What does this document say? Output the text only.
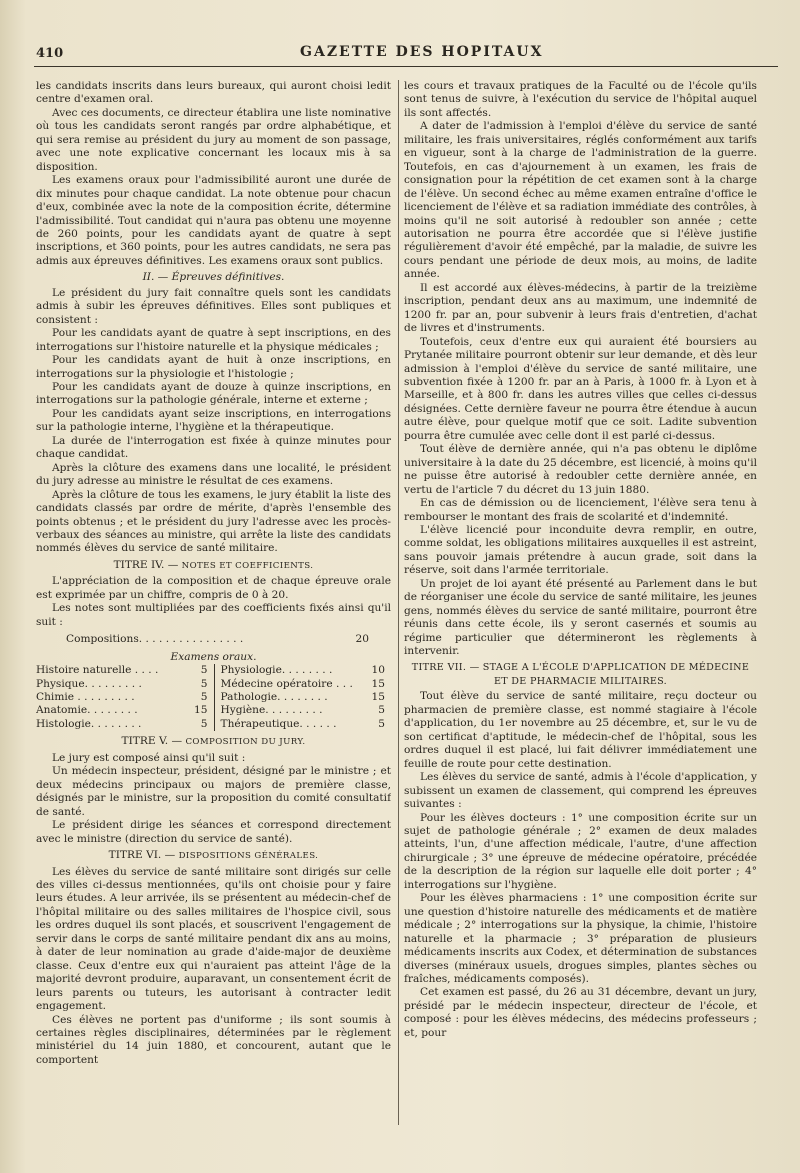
410	GAZETTE DES HOPITAUX

les candidats inscrits dans leurs bureaux, qui auront choisi ledit centre d'examen oral.

Avec ces documents, ce directeur établira une liste nominative où tous les candidats seront rangés par ordre alphabétique, et qui sera remise au président du jury au moment de son passage, avec une note explicative concernant les locaux mis à sa disposition.

Les examens oraux pour l'admissibilité auront une durée de dix minutes pour chaque candidat. La note obtenue pour chacun d'eux, combinée avec la note de la composition écrite, détermine l'admissibilité. Tout candidat qui n'aura pas obtenu une moyenne de 260 points, pour les candidats ayant de quatre à sept inscriptions, et 360 points, pour les autres candidats, ne sera pas admis aux épreuves définitives. Les examens oraux sont publics.

II. — Épreuves définitives.

Le président du jury fait connaître quels sont les candidats admis à subir les épreuves définitives. Elles sont publiques et consistent :

Pour les candidats ayant de quatre à sept inscriptions, en des interrogations sur l'histoire naturelle et la physique médicales ;

Pour les candidats ayant de huit à onze inscriptions, en interrogations sur la physiologie et l'histologie ;

Pour les candidats ayant de douze à quinze inscriptions, en interrogations sur la pathologie générale, interne et externe ;

Pour les candidats ayant seize inscriptions, en interrogations sur la pathologie interne, l'hygiène et la thérapeutique.

La durée de l'interrogation est fixée à quinze minutes pour chaque candidat.

Après la clôture des examens dans une localité, le président du jury adresse au ministre le résultat de ces examens.

Après la clôture de tous les examens, le jury établit la liste des candidats classés par ordre de mérite, d'après l'ensemble des points obtenus ; et le président du jury l'adresse avec les procès-verbaux des séances au ministre, qui arrête la liste des candidats nommés élèves du service de santé militaire.

TITRE IV. — NOTES ET COEFFICIENTS.

L'appréciation de la composition et de chaque épreuve orale est exprimée par un chiffre, compris de 0 à 20.

Les notes sont multipliées par des coefficients fixés ainsi qu'il suit :

Compositions. . . . . . . . . . . . . . . .	20
Examens oraux.
Histoire naturelle . . . .	5
Physique. . . . . . . . .	5
Chimie . . . . . . . . .	5
Anatomie. . . . . . . .	15
Histologie. . . . . . . .	5
Physiologie. . . . . . . .	10
Médecine opératoire . . . 15
Pathologie. . . . . . . .	15
Hygiène. . . . . . . . .	5
Thérapeutique. . . . . .	5
TITRE V. — COMPOSITION DU JURY.

Le jury est composé ainsi qu'il suit :

Un médecin inspecteur, président, désigné par le ministre ; et deux médecins principaux ou majors de première classe, désignés par le ministre, sur la proposition du comité consultatif de santé.

Le président dirige les séances et correspond directement avec le ministre (direction du service de santé).

TITRE VI. — DISPOSITIONS GÉNÉRALES.

Les élèves du service de santé militaire sont dirigés sur celle des villes ci-dessus mentionnées, qu'ils ont choisie pour y faire leurs études. A leur arrivée, ils se présentent au médecin-chef de l'hôpital militaire ou des salles militaires de l'hospice civil, sous les ordres duquel ils sont placés, et souscrivent l'engagement de servir dans le corps de santé militaire pendant dix ans au moins, à dater de leur nomination au grade d'aide-major de deuxième classe. Ceux d'entre eux qui n'auraient pas atteint l'âge de la majorité devront produire, auparavant, un consentement écrit de leurs parents ou tuteurs, les autorisant à contracter ledit engagement.

Ces élèves ne portent pas d'uniforme ; ils sont soumis à certaines règles disciplinaires, déterminées par le règlement ministériel du 14 juin 1880, et concourent, autant que le comportent

les cours et travaux pratiques de la Faculté ou de l'école qu'ils sont tenus de suivre, à l'exécution du service de l'hôpital auquel ils sont affectés.

A dater de l'admission à l'emploi d'élève du service de santé militaire, les frais universitaires, réglés conformément aux tarifs en vigueur, sont à la charge de l'administration de la guerre. Toutefois, en cas d'ajournement à un examen, les frais de consignation pour la répétition de cet examen sont à la charge de l'élève. Un second échec au même examen entraîne d'office le licenciement de l'élève et sa radiation immédiate des contrôles, à moins qu'il ne soit autorisé à redoubler son année ; cette autorisation ne pourra être accordée que si l'élève justifie régulièrement d'avoir été empêché, par la maladie, de suivre les cours pendant une période de deux mois, au moins, de ladite année.

Il est accordé aux élèves-médecins, à partir de la treizième inscription, pendant deux ans au maximum, une indemnité de 1200 fr. par an, pour subvenir à leurs frais d'entretien, d'achat de livres et d'instruments.

Toutefois, ceux d'entre eux qui auraient été boursiers au Prytanée militaire pourront obtenir sur leur demande, et dès leur admission à l'emploi d'élève du service de santé militaire, une subvention fixée à 1200 fr. par an à Paris, à 1000 fr. à Lyon et à Marseille, et à 800 fr. dans les autres villes que celles ci-dessus désignées. Cette dernière faveur ne pourra être étendue à aucun autre élève, pour quelque motif que ce soit. Ladite subvention pourra être cumulée avec celle dont il est parlé ci-dessus.

Tout élève de dernière année, qui n'a pas obtenu le diplôme universitaire à la date du 25 décembre, est licencié, à moins qu'il ne puisse être autorisé à redoubler cette dernière année, en vertu de l'article 7 du décret du 13 juin 1880.

En cas de démission ou de licenciement, l'élève sera tenu à rembourser le montant des frais de scolarité et d'indemnité.

L'élève licencié pour inconduite devra remplir, en outre, comme soldat, les obligations militaires auxquelles il est astreint, sans pouvoir jamais prétendre à aucun grade, soit dans la réserve, soit dans l'armée territoriale.

Un projet de loi ayant été présenté au Parlement dans le but de réorganiser une école du service de santé militaire, les jeunes gens, nommés élèves du service de santé militaire, pourront être réunis dans cette école, ils y seront casernés et soumis au régime particulier que détermineront les règlements à intervenir.

TITRE VII. — STAGE A L'ÉCOLE D'APPLICATION DE MÉDECINE
ET DE PHARMACIE MILITAIRES.

Tout élève du service de santé militaire, reçu docteur ou pharmacien de première classe, est nommé stagiaire à l'école d'application, du 1er novembre au 25 décembre, et, sur le vu de son certificat d'aptitude, le médecin-chef de l'hôpital, sous les ordres duquel il est placé, lui fait délivrer immédiatement une feuille de route pour cette destination.

Les élèves du service de santé, admis à l'école d'application, y subissent un examen de classement, qui comprend les épreuves suivantes :

Pour les élèves docteurs : 1° une composition écrite sur un sujet de pathologie générale ; 2° examen de deux malades atteints, l'un, d'une affection médicale, l'autre, d'une affection chirurgicale ; 3° une épreuve de médecine opératoire, précédée de la description de la région sur laquelle elle doit porter ; 4° interrogations sur l'hygiène.

Pour les élèves pharmaciens : 1° une composition écrite sur une question d'histoire naturelle des médicaments et de matière médicale ; 2° interrogations sur la physique, la chimie, l'histoire naturelle et la pharmacie ; 3° préparation de plusieurs médicaments inscrits aux Codex, et détermination de substances diverses (minéraux usuels, drogues simples, plantes sèches ou fraîches, médicaments composés).

Cet examen est passé, du 26 au 31 décembre, devant un jury, présidé par le médecin inspecteur, directeur de l'école, et composé : pour les élèves médecins, des médecins professeurs ; et, pour
